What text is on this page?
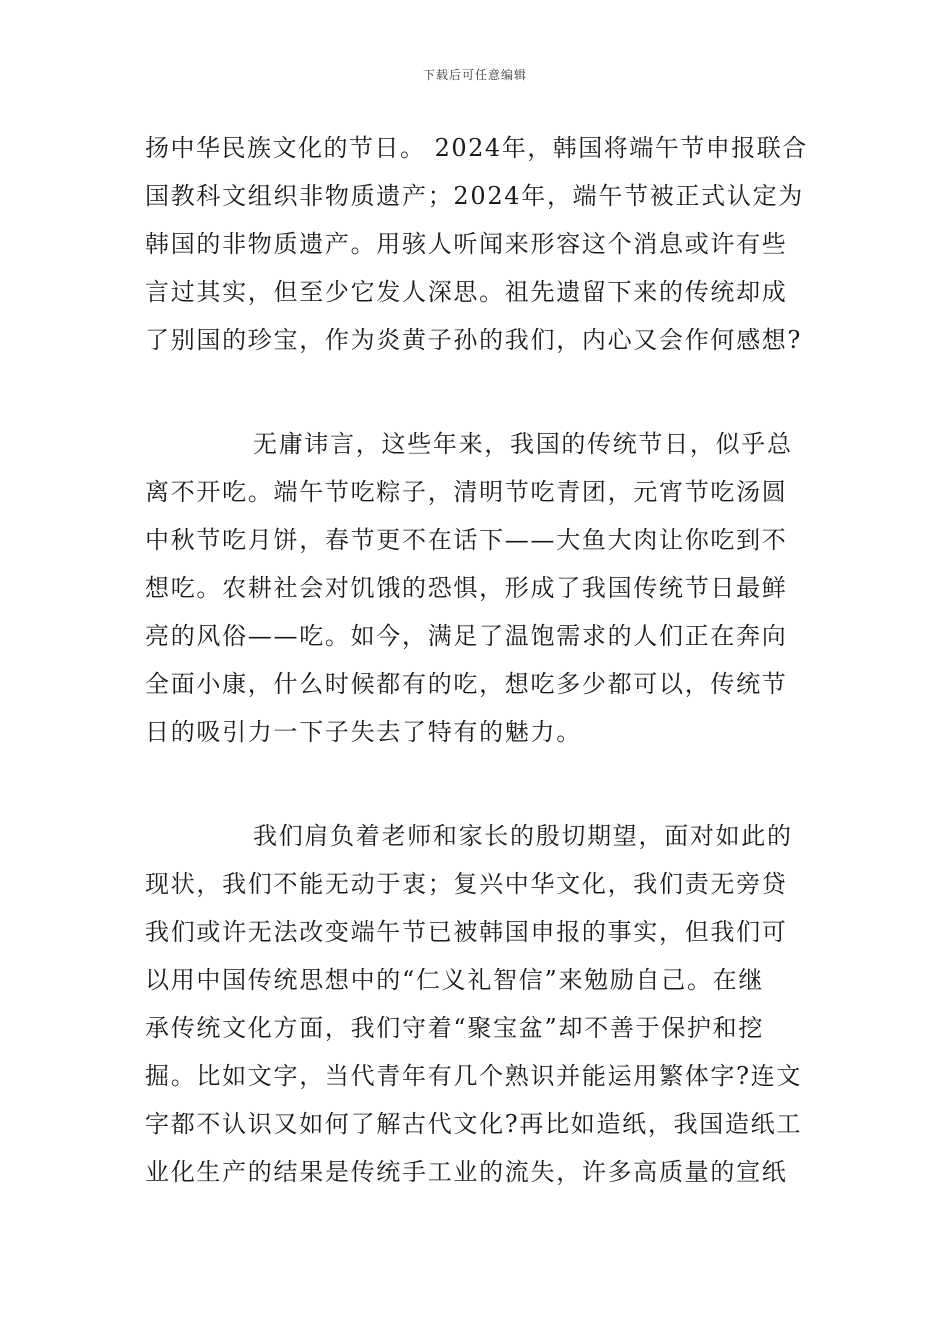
下载后可任意编辑
扬中华民族文化的节日。 2024年，韩国将端午节申报联合
国教科文组织非物质遗产；2024年，端午节被正式认定为
韩国的非物质遗产。用骇人听闻来形容这个消息或许有些
言过其实，但至少它发人深思。祖先遗留下来的传统却成
了别国的珍宝，作为炎黄子孙的我们，内心又会作何感想?
无庸讳言，这些年来，我国的传统节日，似乎总
离不开吃。端午节吃粽子，清明节吃青团，元宵节吃汤圆
中秋节吃月饼，春节更不在话下——大鱼大肉让你吃到不
想吃。农耕社会对饥饿的恐惧，形成了我国传统节日最鲜
亮的风俗——吃。如今，满足了温饱需求的人们正在奔向
全面小康，什么时候都有的吃，想吃多少都可以，传统节
日的吸引力一下子失去了特有的魅力。
我们肩负着老师和家长的殷切期望，面对如此的
现状，我们不能无动于衷；复兴中华文化，我们责无旁贷
我们或许无法改变端午节已被韩国申报的事实，但我们可
以用中国传统思想中的“仁义礼智信”来勉励自己。在继
承传统文化方面，我们守着“聚宝盆”却不善于保护和挖
掘。比如文字，当代青年有几个熟识并能运用繁体字?连文
字都不认识又如何了解古代文化?再比如造纸，我国造纸工
业化生产的结果是传统手工业的流失，许多高质量的宣纸
